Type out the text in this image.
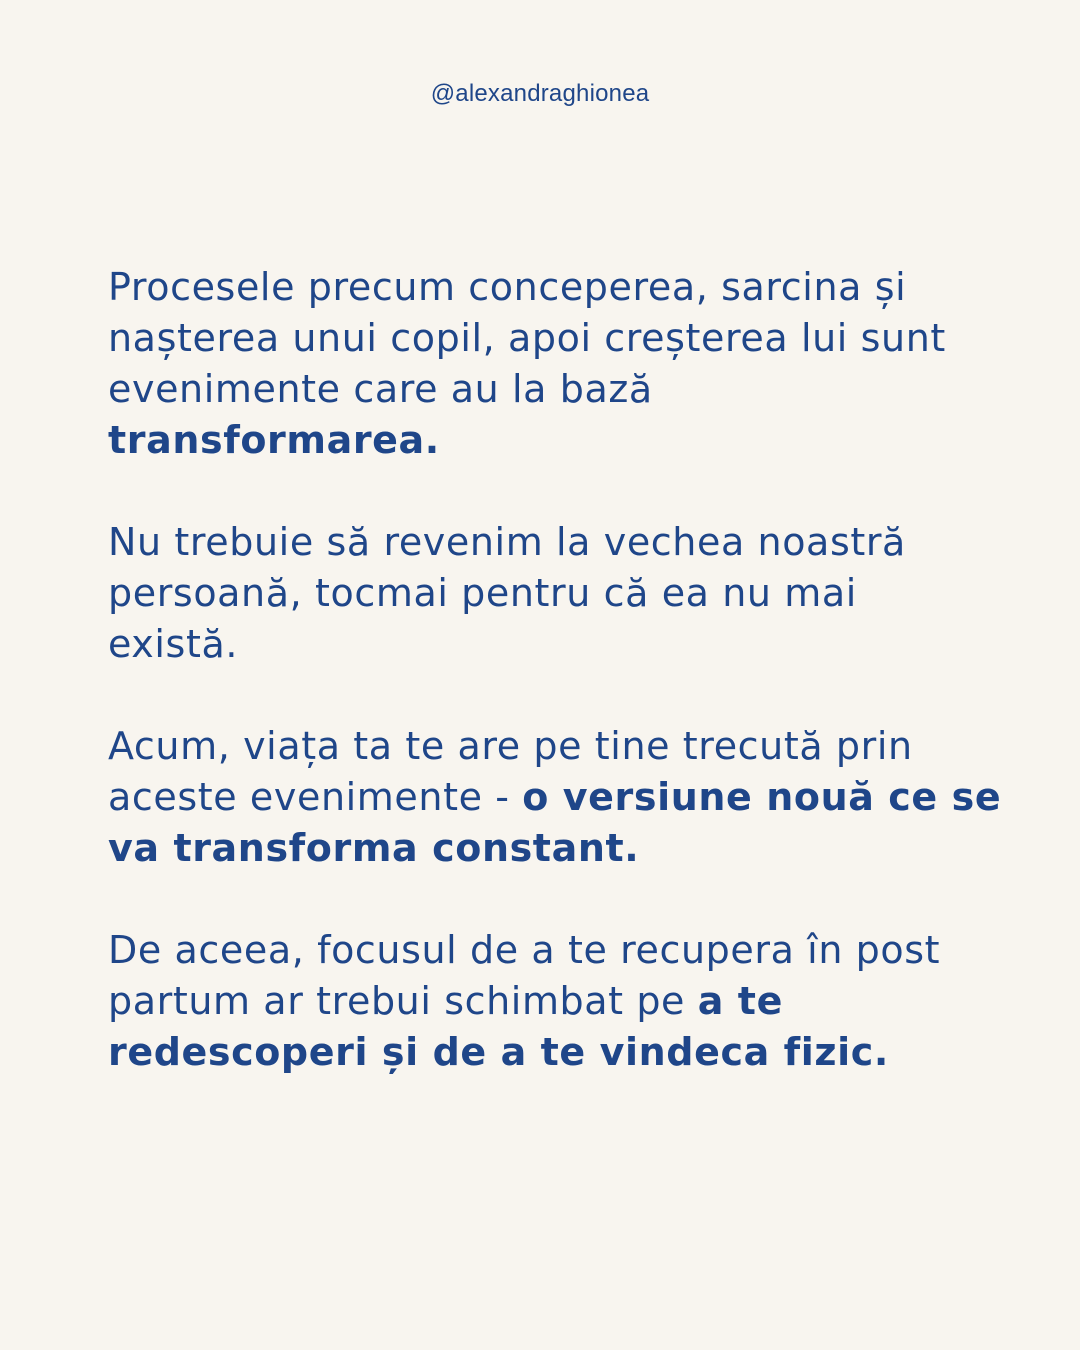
@alexandraghionea

Procesele precum conceperea, sarcina și
nașterea unui copil, apoi creșterea lui sunt
evenimente care au la bază
transformarea.

Nu trebuie să revenim la vechea noastră
persoană, tocmai pentru că ea nu mai
există.

Acum, viața ta te are pe tine trecută prin
aceste evenimente - o versiune nouă ce se
va transforma constant.

De aceea, focusul de a te recupera în post
partum ar trebui schimbat pe a te
redescoperi și de a te vindeca fizic.
